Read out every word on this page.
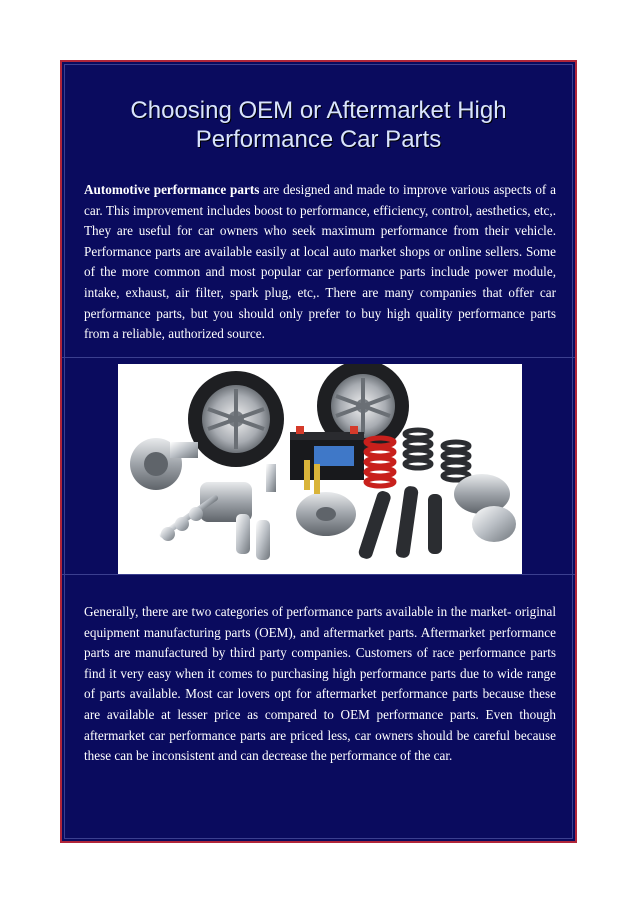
Choosing OEM or Aftermarket High Performance Car Parts

Automotive performance parts are designed and made to improve various aspects of a car. This improvement includes boost to performance, efficiency, control, aesthetics, etc,. They are useful for car owners who seek maximum performance from their vehicle. Performance parts are available easily at local auto market shops or online sellers. Some of the more common and most popular car performance parts include power module, intake, exhaust, air filter, spark plug, etc,. There are many companies that offer car performance parts, but you should only prefer to buy high quality performance parts from a reliable, authorized source.

Generally, there are two categories of performance parts available in the market- original equipment manufacturing parts (OEM), and aftermarket parts. Aftermarket performance parts are manufactured by third party companies. Customers of race performance parts find it very easy when it comes to purchasing high performance parts due to wide range of parts available. Most car lovers opt for aftermarket performance parts because these are available at lesser price as compared to OEM performance parts. Even though aftermarket car performance parts are priced less, car owners should be careful because these can be inconsistent and can decrease the performance of the car.
